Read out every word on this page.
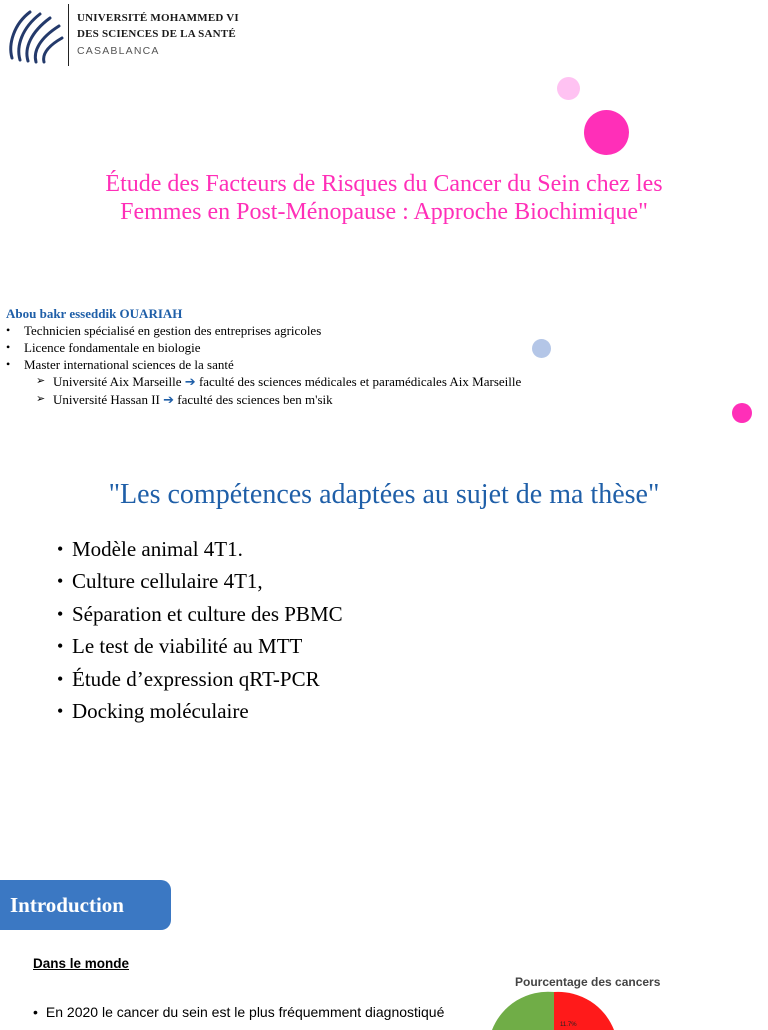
UNIVERSITÉ MOHAMMED VI
DES SCIENCES DE LA SANTÉ
CASABLANCA
Étude des Facteurs de Risques du Cancer du Sein chez les
Femmes en Post-Ménopause : Approche Biochimique"
Abou bakr esseddik OUARIAH
• Technicien spécialisé en gestion des entreprises agricoles
• Licence fondamentale en biologie
• Master international sciences de la santé
➢ Université Aix Marseille ➔ faculté des sciences médicales et paramédicales Aix Marseille
➢ Université Hassan II ➔ faculté des sciences ben m'sik
"Les compétences adaptées au sujet de ma thèse"
• Modèle animal 4T1.
• Culture cellulaire 4T1,
• Séparation et culture des PBMC
• Le test de viabilité au MTT
• Étude d’expression qRT-PCR
• Docking moléculaire
Introduction
Dans le monde
• En 2020 le cancer du sein est le plus fréquemment diagnostiqué
Pourcentage des cancers
11.7%
